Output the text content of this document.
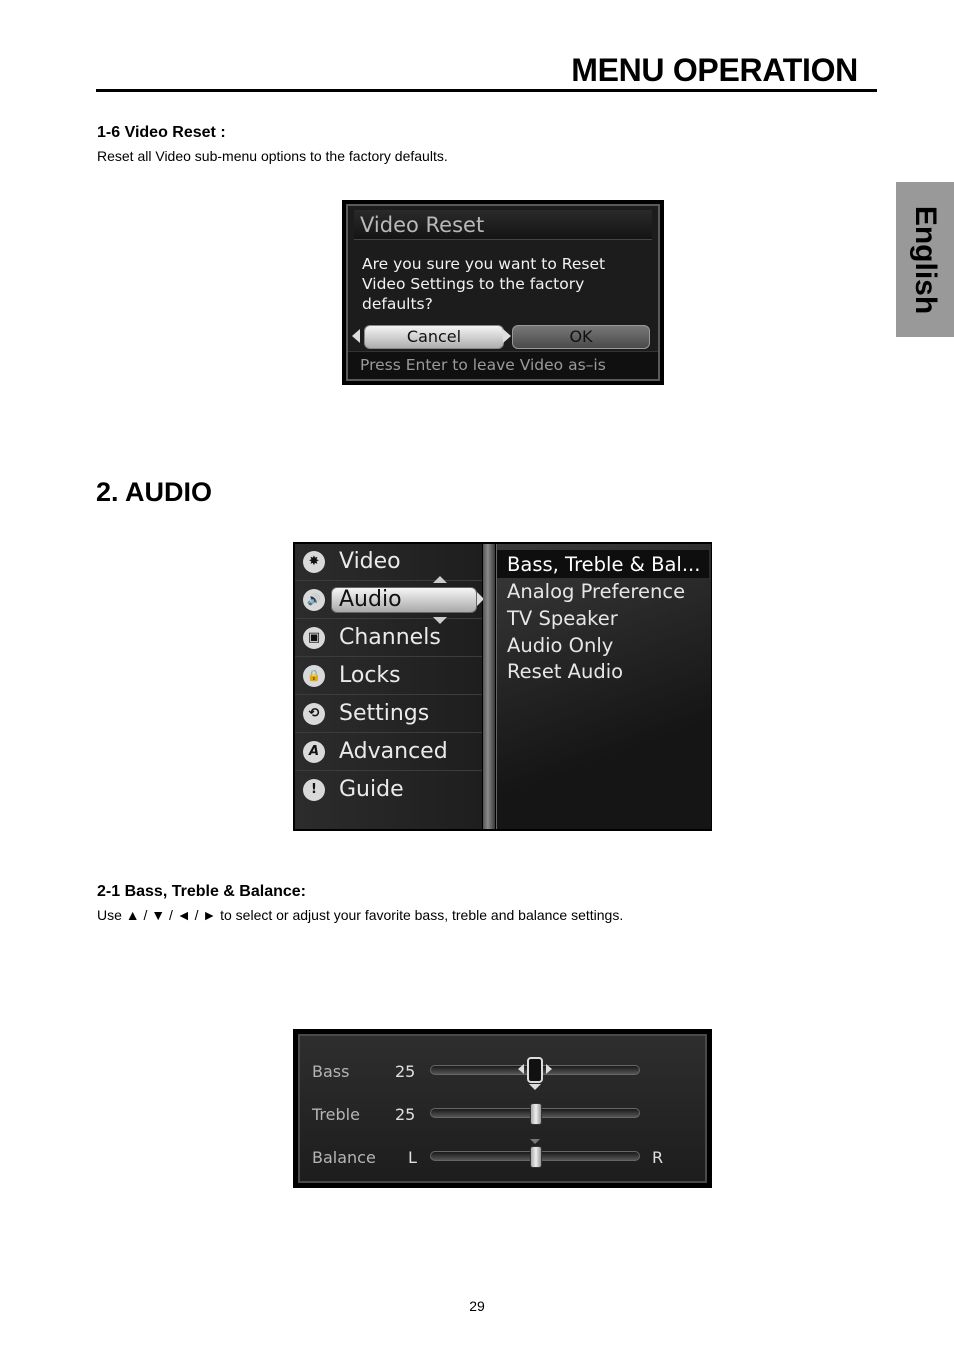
MENU OPERATION
English
1-6 Video Reset :
Reset all Video sub-menu options to the factory defaults.
Video Reset
Are you sure you want to Reset
Video Settings to the factory
defaults?
Cancel	OK
Press Enter to leave Video as–is
2. AUDIO
✸ Video
🔊 Audio
▣ Channels
🔒 Locks
⟲ Settings
A Advanced
!	Guide
Bass, Treble & Bal...
Analog Preference
TV Speaker
Audio Only
Reset Audio
2-1 Bass, Treble & Balance:
Use ▲ / ▼ / ◄ / ► to select or adjust your favorite bass, treble and balance settings.
Bass	25
Treble 25
Balance L	R
29
